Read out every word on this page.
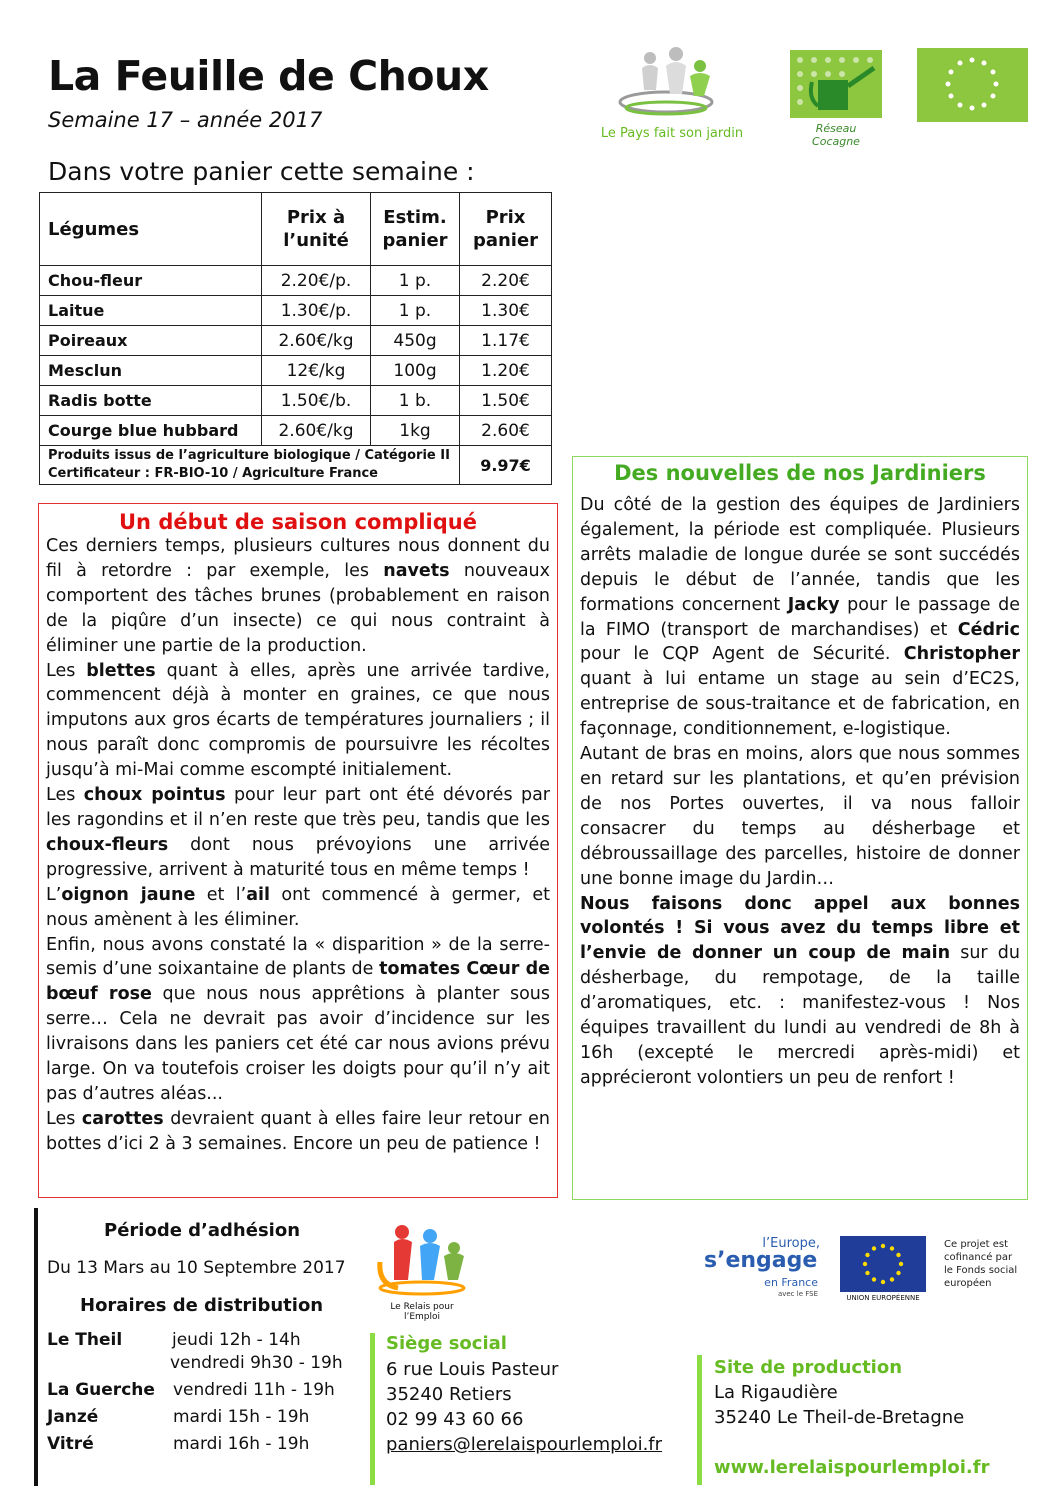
La Feuille de Choux
Semaine 17 – année 2017
Le Pays fait son jardin	Réseau Cocagne
Dans votre panier cette semaine :
Légumes	Prix à l’unité	Estim. panier	Prix panier
Chou-fleur	2.20€/p.	1 p.	2.20€
Laitue	1.30€/p.	1 p.	1.30€
Poireaux	2.60€/kg	450g	1.17€
Mesclun	12€/kg	100g	1.20€
Radis botte	1.50€/b.	1 b.	1.50€
Courge blue hubbard	2.60€/kg	1kg	2.60€
Produits issus de l’agriculture biologique / Catégorie II
Certificateur : FR-BIO-10 / Agriculture France			9.97€
Un début de saison compliqué

Ces derniers temps, plusieurs cultures nous donnent du fil à retordre : par exemple, les navets nouveaux comportent des tâches brunes (probablement en raison de la piqûre d’un insecte) ce qui nous contraint à éliminer une partie de la production.

Les blettes quant à elles, après une arrivée tardive, commencent déjà à monter en graines, ce que nous imputons aux gros écarts de températures journaliers ; il nous paraît donc compromis de poursuivre les récoltes jusqu’à mi-Mai comme escompté initialement.

Les choux pointus pour leur part ont été dévorés par les ragondins et il n’en reste que très peu, tandis que les choux-fleurs dont nous prévoyions une arrivée progressive, arrivent à maturité tous en même temps !

L’oignon jaune et l’ail ont commencé à germer, et nous amènent à les éliminer.

Enfin, nous avons constaté la « disparition » de la serre-semis d’une soixantaine de plants de tomates Cœur de bœuf rose que nous nous apprêtions à planter sous serre… Cela ne devrait pas avoir d’incidence sur les livraisons dans les paniers cet été car nous avions prévu large. On va toutefois croiser les doigts pour qu’il n’y ait pas d’autres aléas...

Les carottes devraient quant à elles faire leur retour en bottes d’ici 2 à 3 semaines. Encore un peu de patience !

Des nouvelles de nos Jardiniers

Du côté de la gestion des équipes de Jardiniers également, la période est compliquée. Plusieurs arrêts maladie de longue durée se sont succédés depuis le début de l’année, tandis que les formations concernent Jacky pour le passage de la FIMO (transport de marchandises) et Cédric pour le CQP Agent de Sécurité. Christopher quant à lui entame un stage au sein d’EC2S, entreprise de sous-traitance et de fabrication, en façonnage, conditionnement, e-logistique.

Autant de bras en moins, alors que nous sommes en retard sur les plantations, et qu’en prévision de nos Portes ouvertes, il va nous falloir consacrer du temps au désherbage et débroussaillage des parcelles, histoire de donner une bonne image du Jardin…

Nous faisons donc appel aux bonnes volontés ! Si vous avez du temps libre et l’envie de donner un coup de main sur du désherbage, du rempotage, de la taille d’aromatiques, etc. : manifestez-vous ! Nos équipes travaillent du lundi au vendredi de 8h à 16h (excepté le mercredi après-midi) et apprécieront volontiers un peu de renfort !

Période d’adhésion
Du 13 Mars au 10 Septembre 2017
Horaires de distribution
Le Theil	jeudi 12h - 14h
vendredi 9h30 - 19h
La Guerche vendredi 11h - 19h
Janzé	mardi 15h - 19h
Vitré	mardi 16h - 19h
Le Relais pour l’Emploi
Siège social
6 rue Louis Pasteur
35240 Retiers
02 99 43 60 66
paniers@lerelaispourlemploi.fr
Site de production
La Rigaudière
35240 Le Theil-de-Bretagne
www.lerelaispourlemploi.fr
l’Europe,
s’engage
en France
avec le FSE	UNION EUROPÉENNE
Ce projet est cofinancé par le Fonds social européen
